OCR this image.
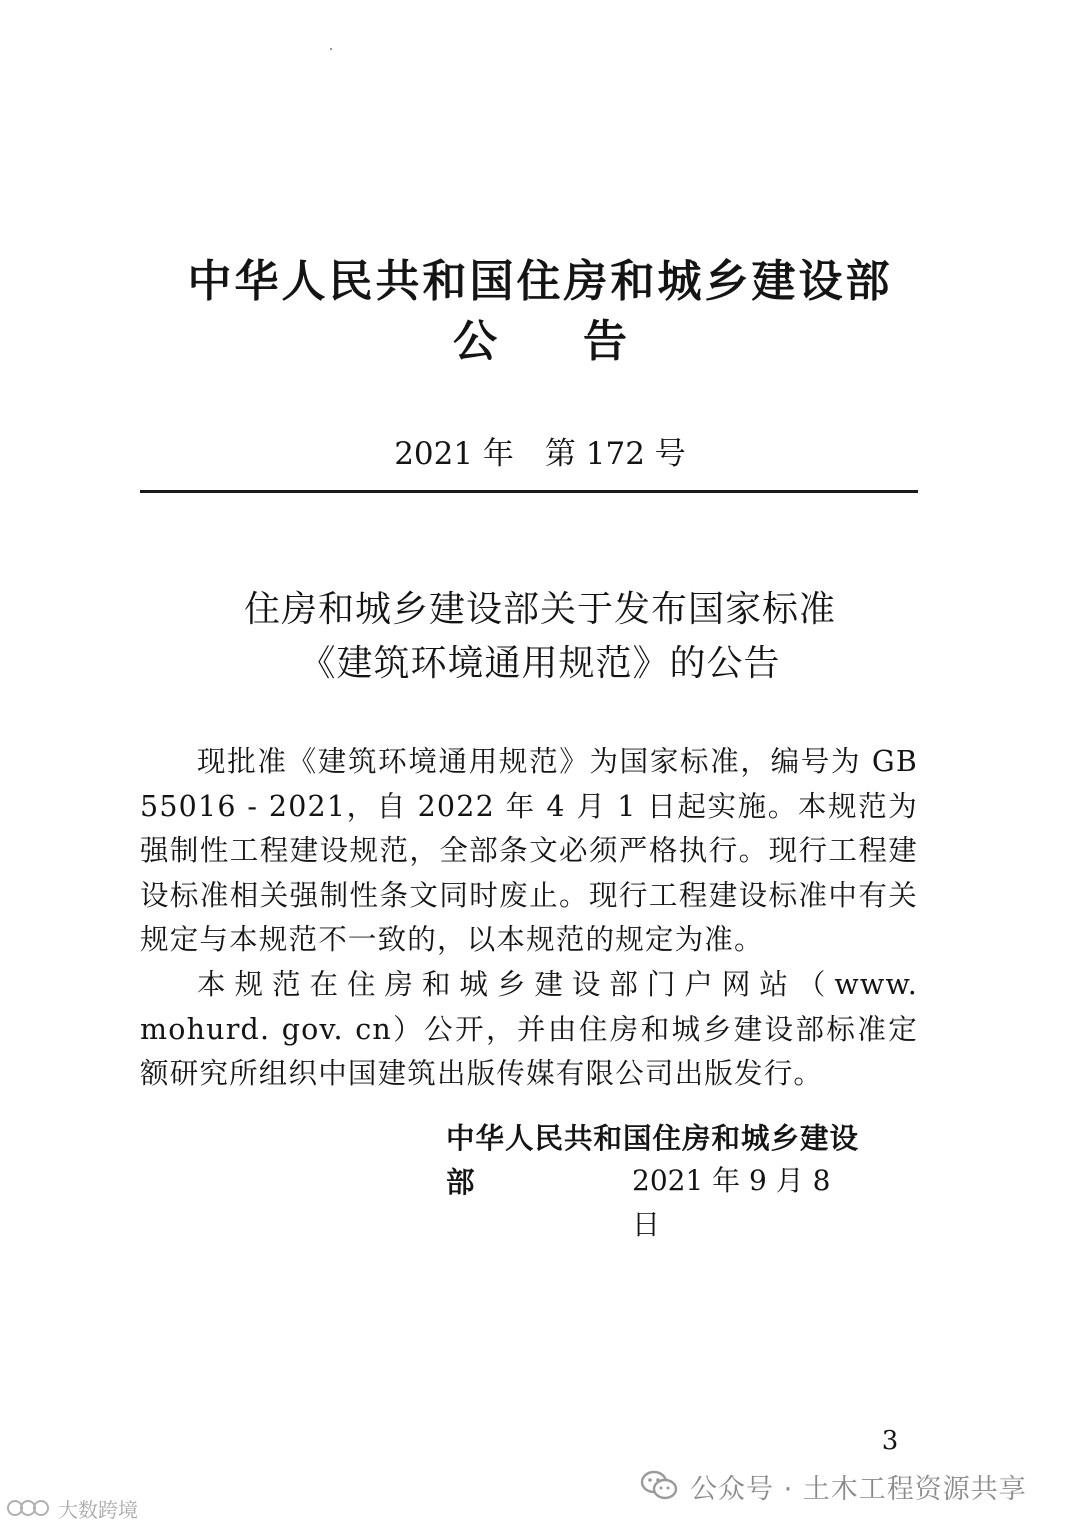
中华人民共和国住房和城乡建设部
公告
2021 年　第 172 号
住房和城乡建设部关于发布国家标准
《建筑环境通用规范》的公告

现批准《建筑环境通用规范》为国家标准，编号为 GB 55016 - 2021，自 2022 年 4 月 1 日起实施。本规范为强制性工程建设规范，全部条文必须严格执行。现行工程建设标准相关强制性条文同时废止。现行工程建设标准中有关规定与本规范不一致的，以本规范的规定为准。

本规范在住房和城乡建设部门户网站（www. mohurd. gov. cn）公开，并由住房和城乡建设部标准定额研究所组织中国建筑出版传媒有限公司出版发行。

中华人民共和国住房和城乡建设部	2021 年 9 月 8 日
3
公众号 · 土木工程资源共享
大数跨境
